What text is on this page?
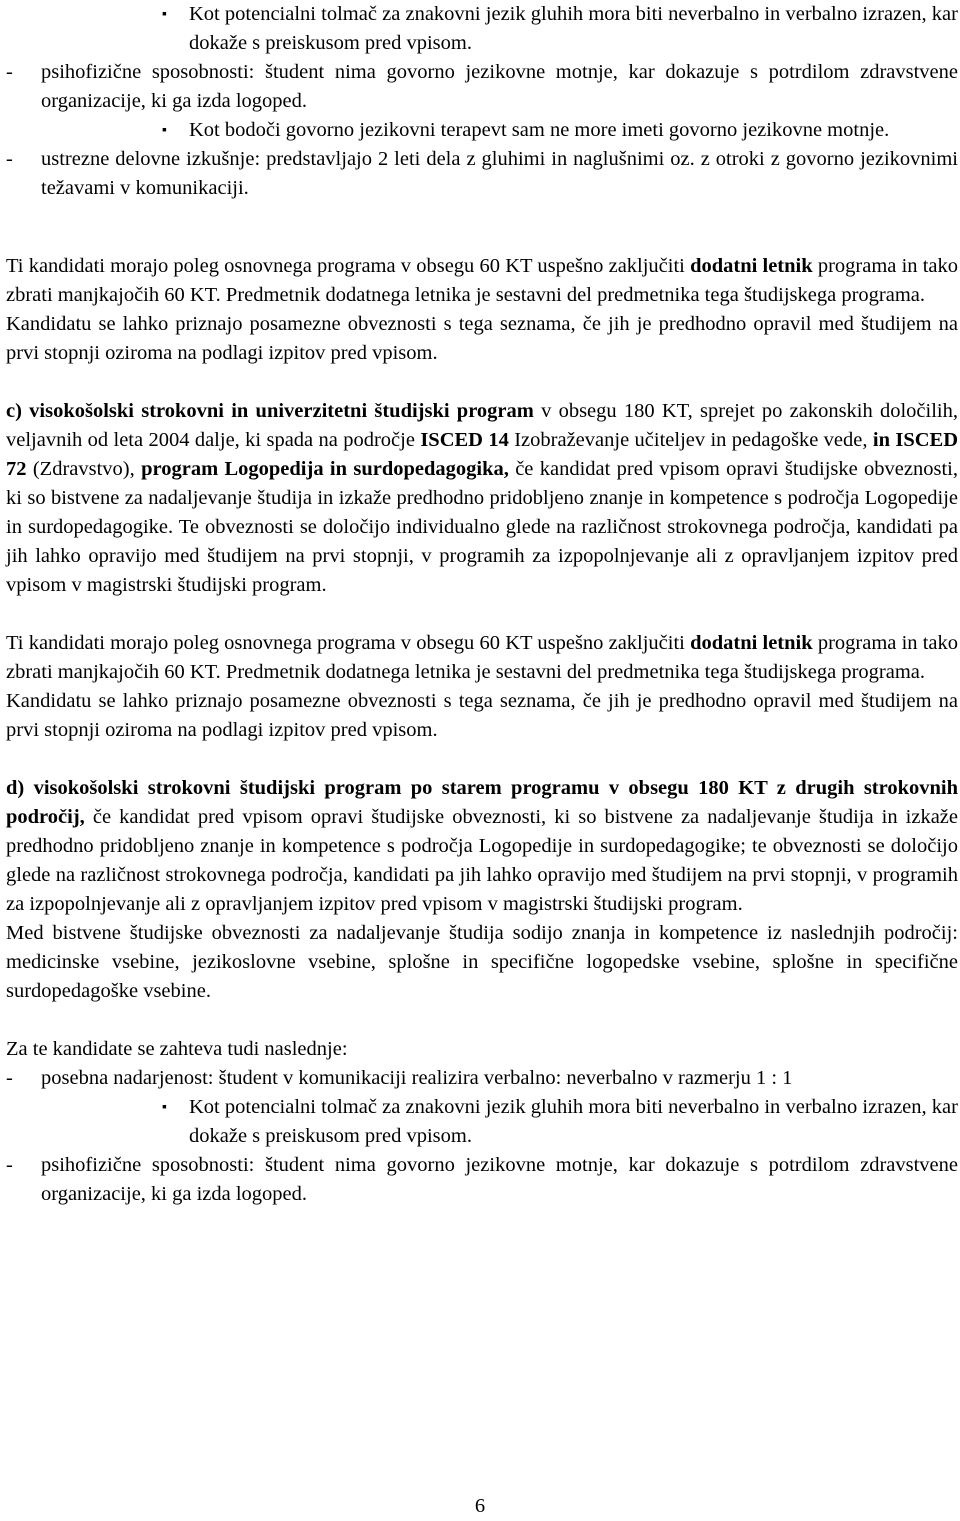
▪ Kot potencialni tolmač za znakovni jezik gluhih mora biti neverbalno in verbalno izrazen, kar dokaže s preiskusom pred vpisom.

- psihofizične sposobnosti: študent nima govorno jezikovne motnje, kar dokazuje s potrdilom zdravstvene organizacije, ki ga izda logoped.

▪ Kot bodoči govorno jezikovni terapevt sam ne more imeti govorno jezikovne motnje.

- ustrezne delovne izkušnje: predstavljajo 2 leti dela z gluhimi in naglušnimi oz. z otroki z govorno jezikovnimi težavami v komunikaciji.

Ti kandidati morajo poleg osnovnega programa v obsegu 60 KT uspešno zaključiti dodatni letnik programa in tako zbrati manjkajočih 60 KT. Predmetnik dodatnega letnika je sestavni del predmetnika tega študijskega programa.

Kandidatu se lahko priznajo posamezne obveznosti s tega seznama, če jih je predhodno opravil med študijem na prvi stopnji oziroma na podlagi izpitov pred vpisom.

c) visokošolski strokovni in univerzitetni študijski program v obsegu 180 KT, sprejet po zakonskih določilih, veljavnih od leta 2004 dalje, ki spada na področje ISCED 14 Izobraževanje učiteljev in pedagoške vede, in ISCED 72 (Zdravstvo), program Logopedija in surdopedagogika, če kandidat pred vpisom opravi študijske obveznosti, ki so bistvene za nadaljevanje študija in izkaže predhodno pridobljeno znanje in kompetence s področja Logopedije in surdopedagogike. Te obveznosti se določijo individualno glede na različnost strokovnega področja, kandidati pa jih lahko opravijo med študijem na prvi stopnji, v programih za izpopolnjevanje ali z opravljanjem izpitov pred vpisom v magistrski študijski program.

Ti kandidati morajo poleg osnovnega programa v obsegu 60 KT uspešno zaključiti dodatni letnik programa in tako zbrati manjkajočih 60 KT. Predmetnik dodatnega letnika je sestavni del predmetnika tega študijskega programa.

Kandidatu se lahko priznajo posamezne obveznosti s tega seznama, če jih je predhodno opravil med študijem na prvi stopnji oziroma na podlagi izpitov pred vpisom.

d) visokošolski strokovni študijski program po starem programu v obsegu 180 KT z drugih strokovnih področij, če kandidat pred vpisom opravi študijske obveznosti, ki so bistvene za nadaljevanje študija in izkaže predhodno pridobljeno znanje in kompetence s področja Logopedije in surdopedagogike; te obveznosti se določijo glede na različnost strokovnega področja, kandidati pa jih lahko opravijo med študijem na prvi stopnji, v programih za izpopolnjevanje ali z opravljanjem izpitov pred vpisom v magistrski študijski program.

Med bistvene študijske obveznosti za nadaljevanje študija sodijo znanja in kompetence iz naslednjih področij: medicinske vsebine, jezikoslovne vsebine, splošne in specifične logopedske vsebine, splošne in specifične surdopedagoške vsebine.

Za te kandidate se zahteva tudi naslednje:

- posebna nadarjenost: študent v komunikaciji realizira verbalno: neverbalno v razmerju 1 : 1

▪ Kot potencialni tolmač za znakovni jezik gluhih mora biti neverbalno in verbalno izrazen, kar dokaže s preiskusom pred vpisom.

- psihofizične sposobnosti: študent nima govorno jezikovne motnje, kar dokazuje s potrdilom zdravstvene organizacije, ki ga izda logoped.

6
